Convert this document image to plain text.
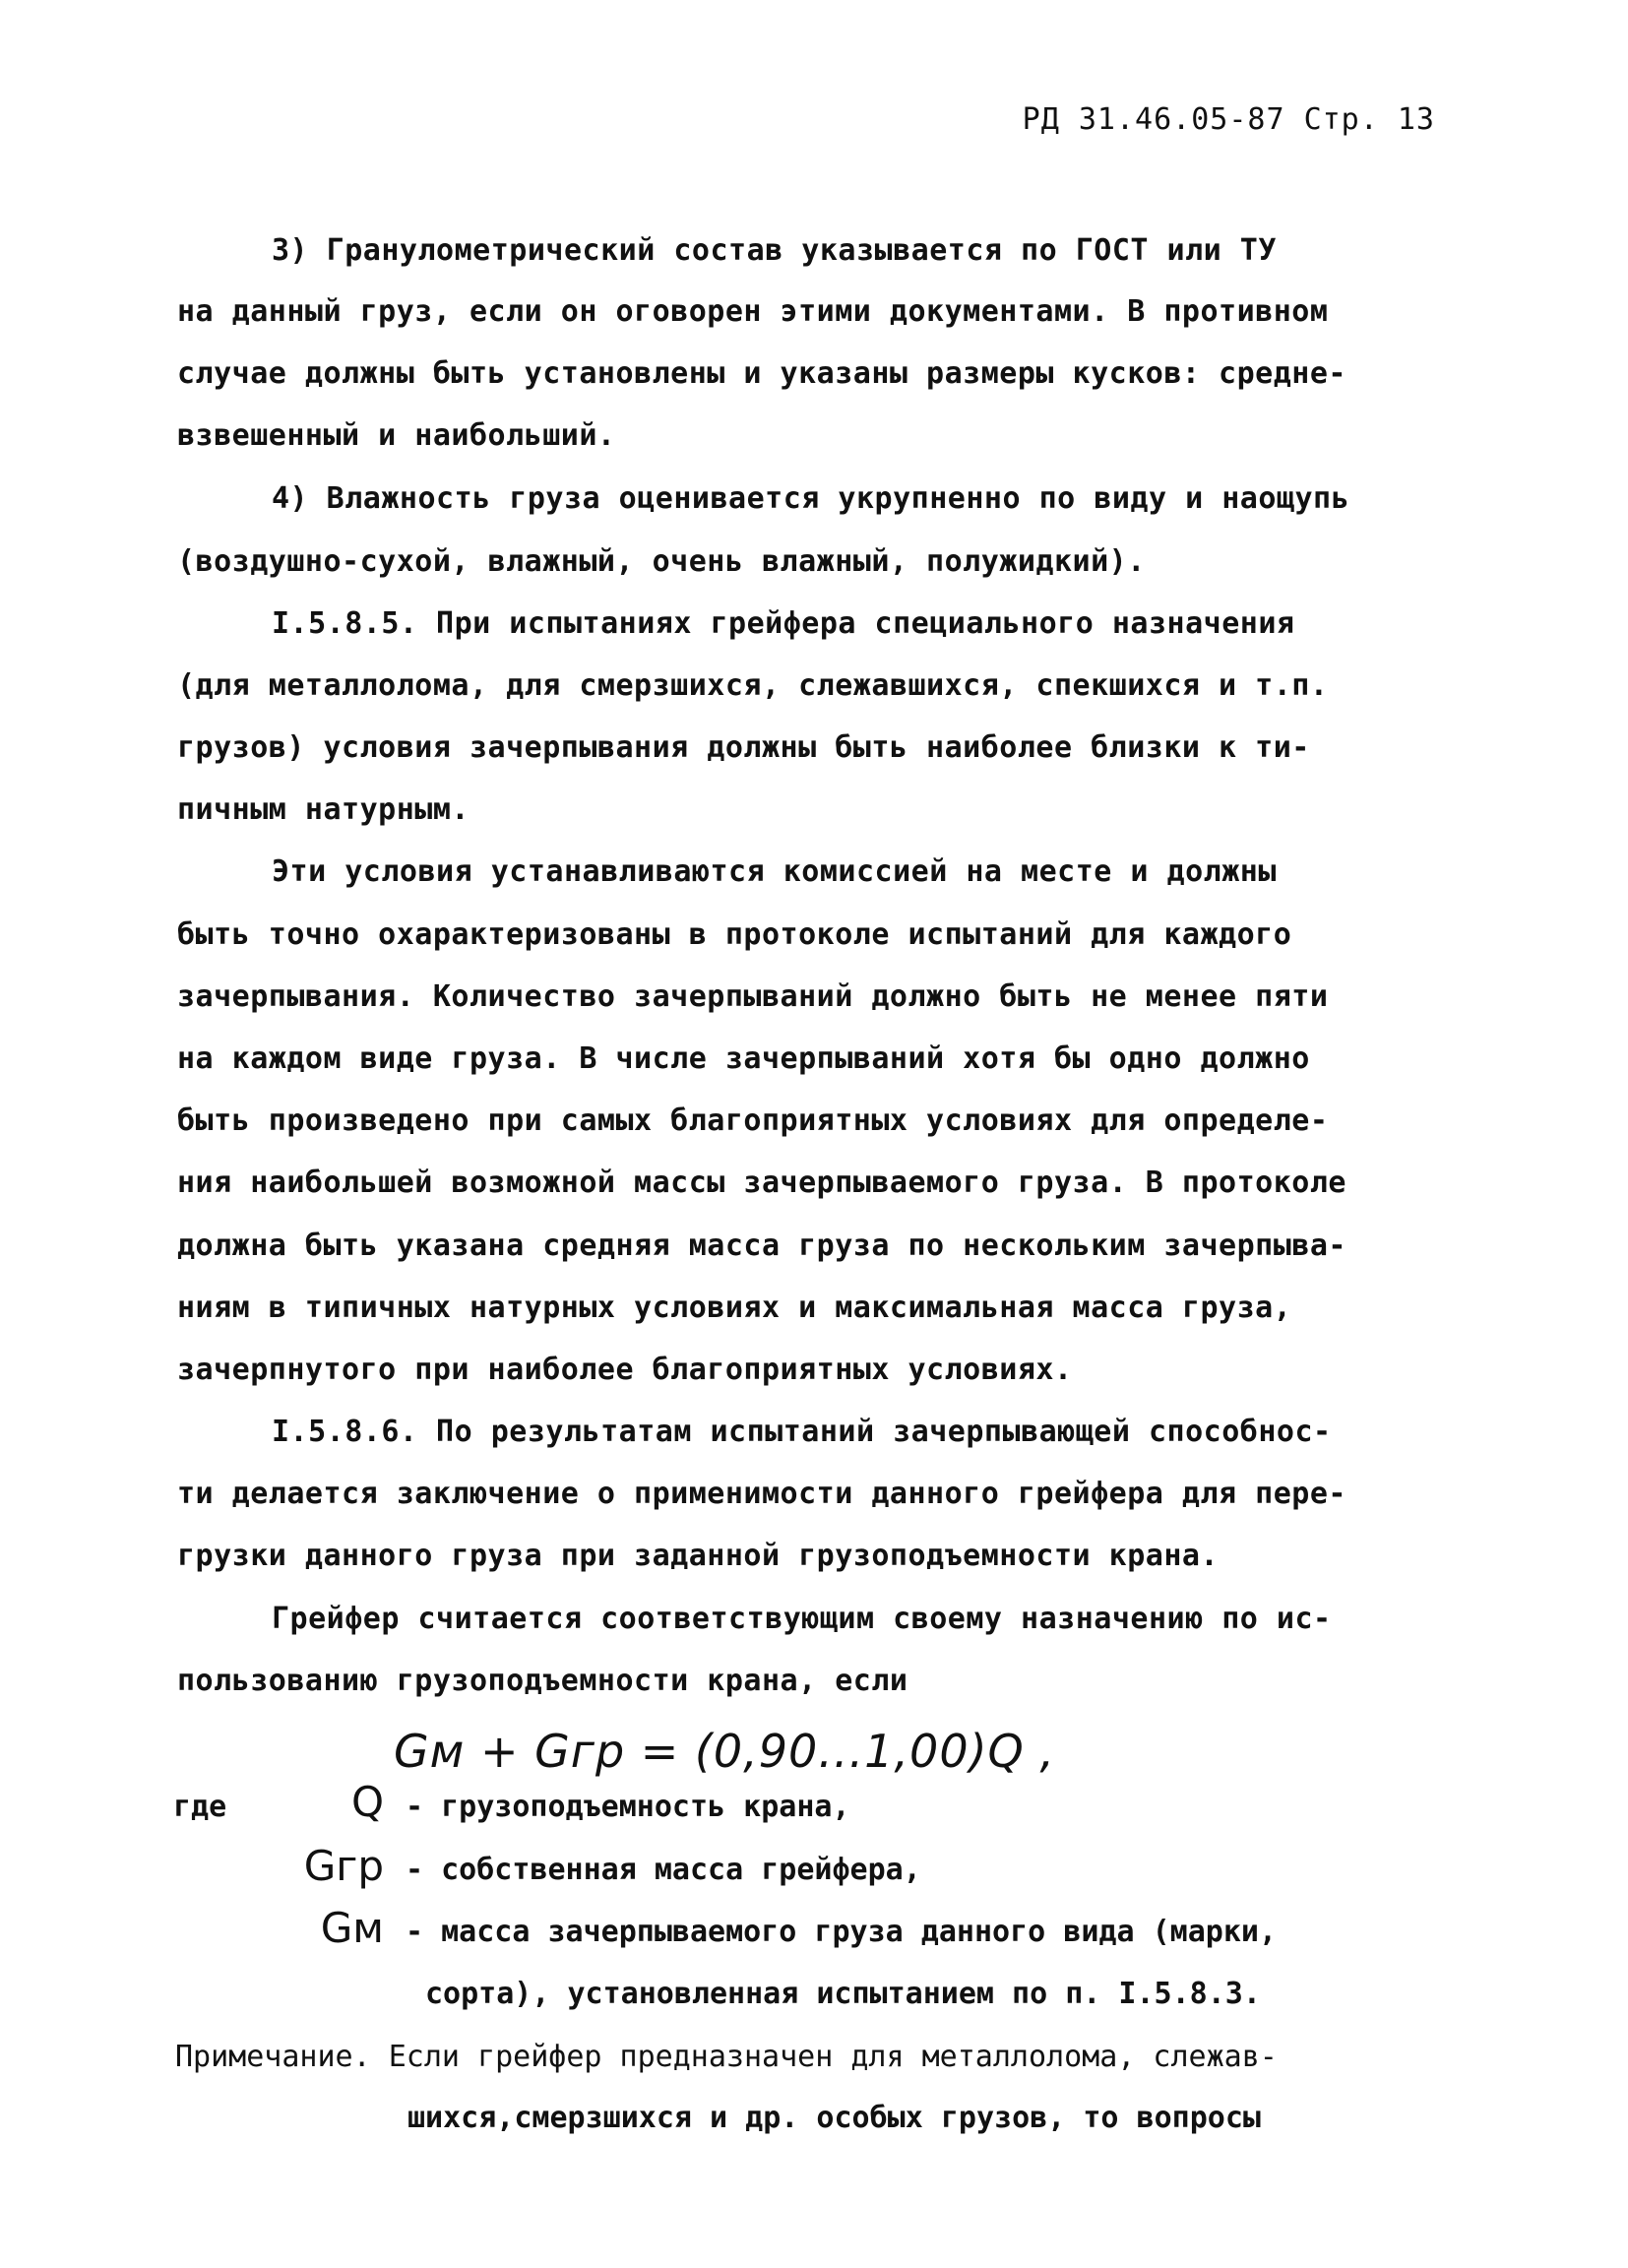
РД 31.46.05-87 Стр. 13
3) Гранулометрический состав указывается по ГОСТ или ТУ
на данный груз, если он оговорен этими документами. В противном
случае должны быть установлены и указаны размеры кусков: средне-
взвешенный и наибольший.
4) Влажность груза оценивается укрупненно по виду и наощупь
(воздушно-сухой, влажный, очень влажный, полужидкий).
I.5.8.5. При испытаниях грейфера специального назначения
(для металлолома, для смерзшихся, слежавшихся, спекшихся и т.п.
грузов) условия зачерпывания должны быть наиболее близки к ти-
пичным натурным.
Эти условия устанавливаются комиссией на месте и должны
быть точно охарактеризованы в протоколе испытаний для каждого
зачерпывания. Количество зачерпываний должно быть не менее пяти
на каждом виде груза. В числе зачерпываний хотя бы одно должно
быть произведено при самых благоприятных условиях для определе-
ния наибольшей возможной массы зачерпываемого груза. В протоколе
должна быть указана средняя масса груза по нескольким зачерпыва-
ниям в типичных натурных условиях и максимальная масса груза,
зачерпнутого при наиболее благоприятных условиях.
I.5.8.6. По результатам испытаний зачерпывающей способнос-
ти делается заключение о применимости данного грейфера для пере-
грузки данного груза при заданной грузоподъемности крана.
Грейфер считается соответствующим своему назначению по ис-
пользованию грузоподъемности крана, если
Gм + Gгр = (0,90...1,00)Q ,
где	Q - грузоподъемность крана,
Gгр - собственная масса грейфера,
Gм - масса зачерпываемого груза данного вида (марки,
сорта), установленная испытанием по п. I.5.8.3.
Примечание. Если грейфер предназначен для металлолома, слежав-
шихся,смерзшихся и др. особых грузов, то вопросы
